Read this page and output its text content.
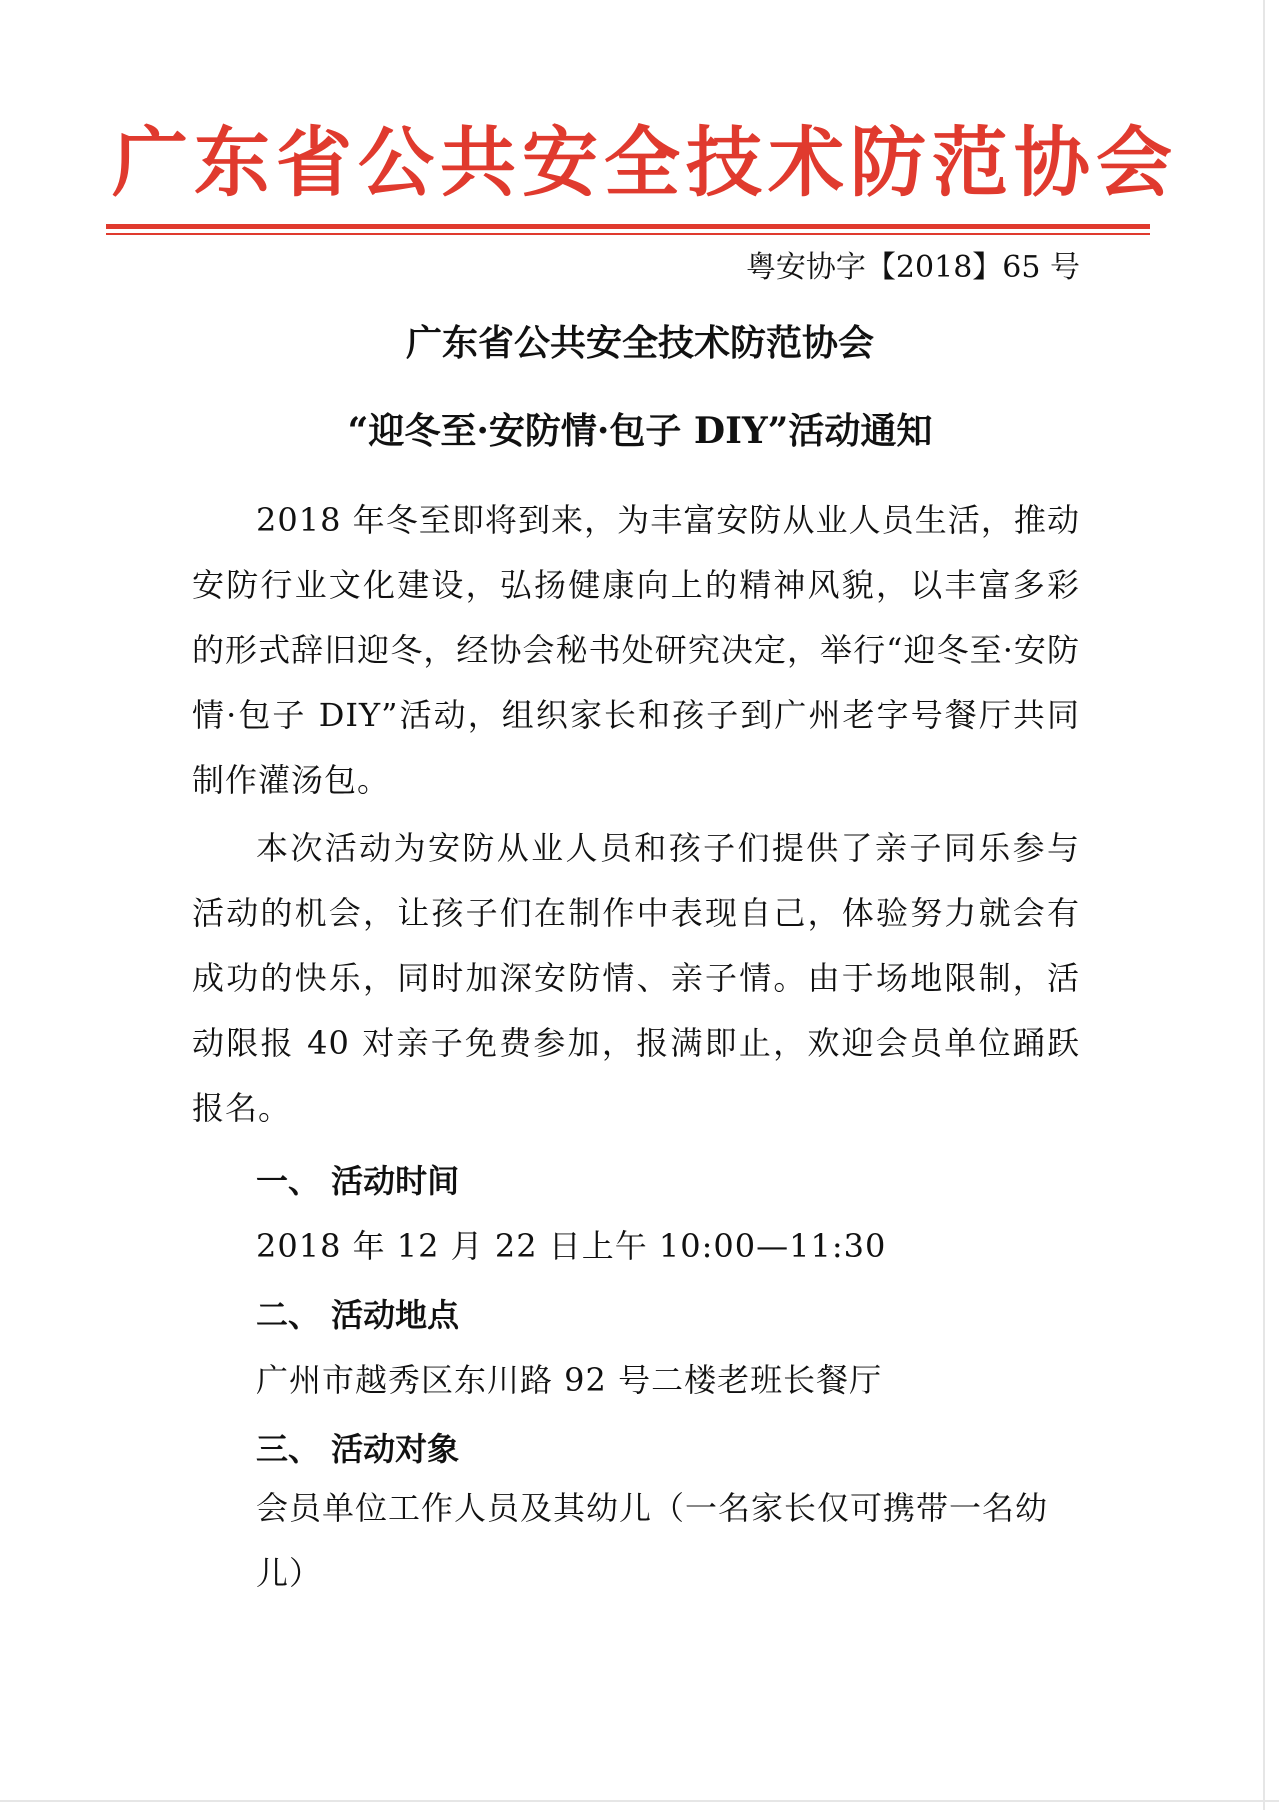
广东省公共安全技术防范协会
粤安协字【2018】65 号
广东省公共安全技术防范协会
“迎冬至·安防情·包子 DIY”活动通知
2018 年冬至即将到来，为丰富安防从业人员生活，推动安防行业文化建设，弘扬健康向上的精神风貌，以丰富多彩的形式辞旧迎冬，经协会秘书处研究决定，举行“迎冬至·安防情·包子 DIY”活动，组织家长和孩子到广州老字号餐厅共同制作灌汤包。
本次活动为安防从业人员和孩子们提供了亲子同乐参与活动的机会，让孩子们在制作中表现自己，体验努力就会有成功的快乐，同时加深安防情、亲子情。由于场地限制，活动限报 40 对亲子免费参加，报满即止，欢迎会员单位踊跃报名。
一、 活动时间
2018 年 12 月 22 日上午 10:00—11:30
二、 活动地点
广州市越秀区东川路 92 号二楼老班长餐厅
三、 活动对象
会员单位工作人员及其幼儿（一名家长仅可携带一名幼儿）
